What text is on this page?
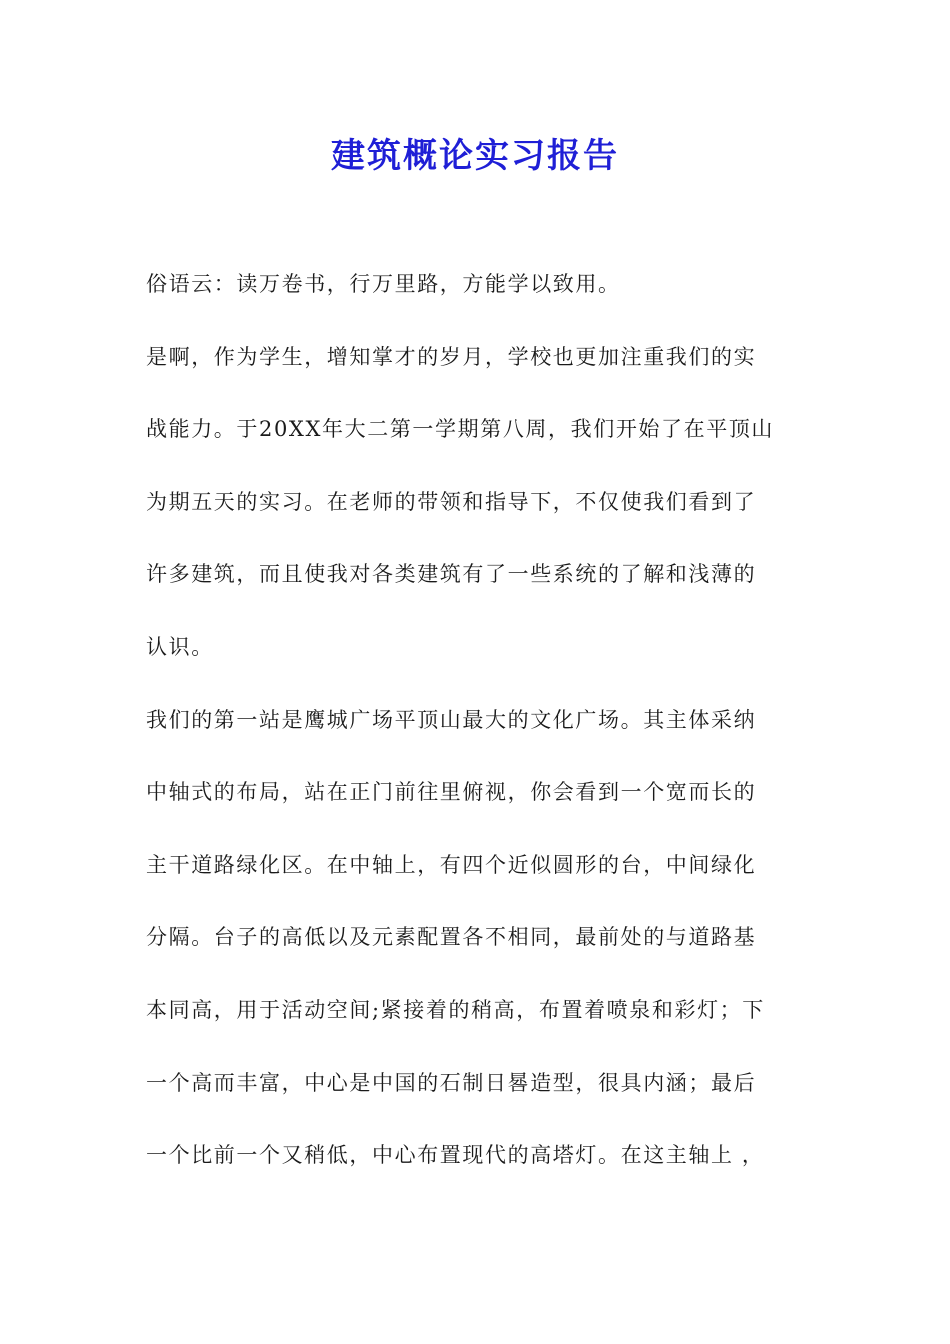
建筑概论实习报告

俗语云：读万卷书，行万里路，方能学以致用。

是啊，作为学生，增知掌才的岁月，学校也更加注重我们的实

战能力。于20XX年大二第一学期第八周，我们开始了在平顶山

为期五天的实习。在老师的带领和指导下，不仅使我们看到了

许多建筑，而且使我对各类建筑有了一些系统的了解和浅薄的

认识。

我们的第一站是鹰城广场平顶山最大的文化广场。其主体采纳

中轴式的布局，站在正门前往里俯视，你会看到一个宽而长的

主干道路绿化区。在中轴上，有四个近似圆形的台，中间绿化

分隔。台子的高低以及元素配置各不相同，最前处的与道路基

本同高，用于活动空间;紧接着的稍高，布置着喷泉和彩灯；下

一个高而丰富，中心是中国的石制日晷造型，很具内涵；最后

一个比前一个又稍低，中心布置现代的高塔灯。在这主轴上 ，
